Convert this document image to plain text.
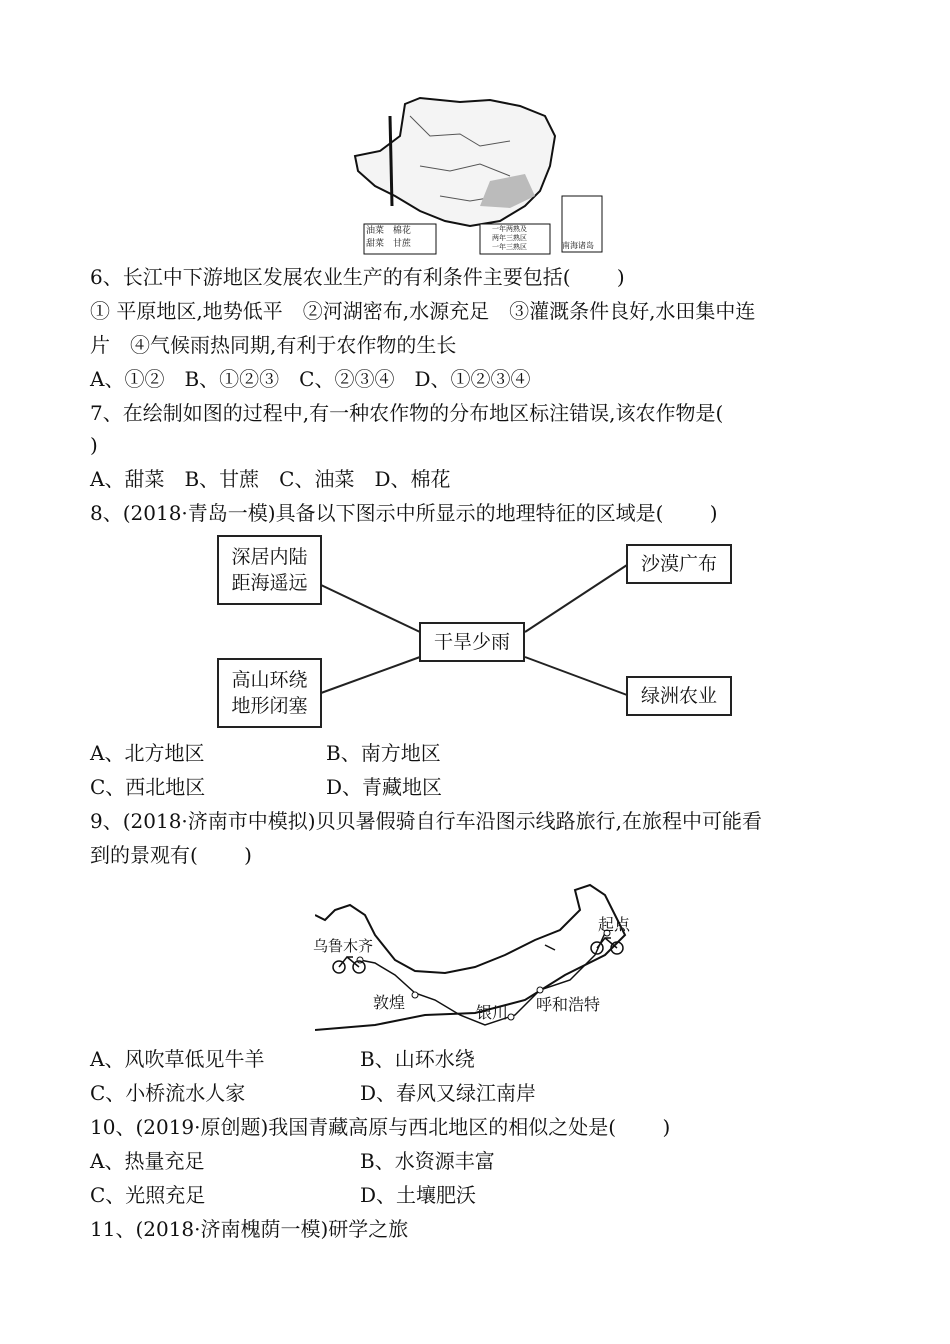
油菜 棉花
甜菜 甘蔗
一年两熟及
两年三熟区
一年三熟区	南海诸岛
6、长江中下游地区发展农业生产的有利条件主要包括(　　 )
① 平原地区,地势低平　②河湖密布,水源充足　③灌溉条件良好,水田集中连
片　④气候雨热同期,有利于农作物的生长
A、①②　B、①②③　C、②③④　D、①②③④
7、在绘制如图的过程中,有一种农作物的分布地区标注错误,该农作物是(
)
A、甜菜　B、甘蔗　C、油菜　D、棉花
8、(2018·青岛一模)具备以下图示中所显示的地理特征的区域是(　　 )
深居内陆
距海遥远
高山环绕
地形闭塞
干旱少雨
沙漠广布
绿洲农业
A、北方地区	B、南方地区
C、西北地区	D、青藏地区
9、(2018·济南市中模拟)贝贝暑假骑自行车沿图示线路旅行,在旅程中可能看
到的景观有(　　 )
起点
乌鲁木齐
敦煌
银川 呼和浩特
A、风吹草低见牛羊	B、山环水绕
C、小桥流水人家	D、春风又绿江南岸
10、(2019·原创题)我国青藏高原与西北地区的相似之处是(　　 )
A、热量充足	B、水资源丰富
C、光照充足	D、土壤肥沃
11、(2018·济南槐荫一模)研学之旅
